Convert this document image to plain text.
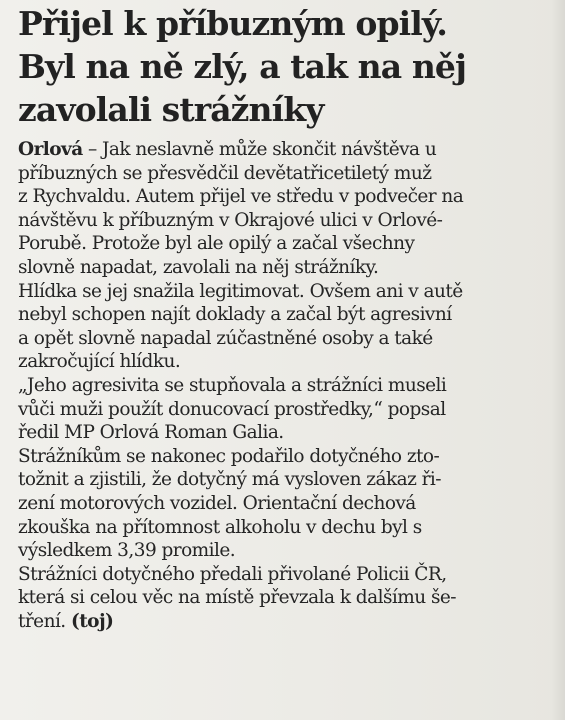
Přijel k příbuzným opilý.
Byl na ně zlý, a tak na něj
zavolali strážníky
Orlová – Jak neslavně může skončit návštěva u
příbuzných se přesvědčil devětatřicetiletý muž
z Rychvaldu. Autem přijel ve středu v podvečer na
návštěvu k příbuzným v Okrajové ulici v Orlové-
Porubě. Protože byl ale opilý a začal všechny
slovně napadat, zavolali na něj strážníky.
Hlídka se jej snažila legitimovat. Ovšem ani v autě
nebyl schopen najít doklady a začal být agresivní
a opět slovně napadal zúčastněné osoby a také
zakročující hlídku.
„Jeho agresivita se stupňovala a strážníci museli
vůči muži použít donucovací prostředky,“ popsal
ředil MP Orlová Roman Galia.
Strážníkům se nakonec podařilo dotyčného zto-
tožnit a zjistili, že dotyčný má vysloven zákaz ři-
zení motorových vozidel. Orientační dechová
zkouška na přítomnost alkoholu v dechu byl s
výsledkem 3,39 promile.
Strážníci dotyčného předali přivolané Policii ČR,
která si celou věc na místě převzala k dalšímu še-
tření. (toj)
